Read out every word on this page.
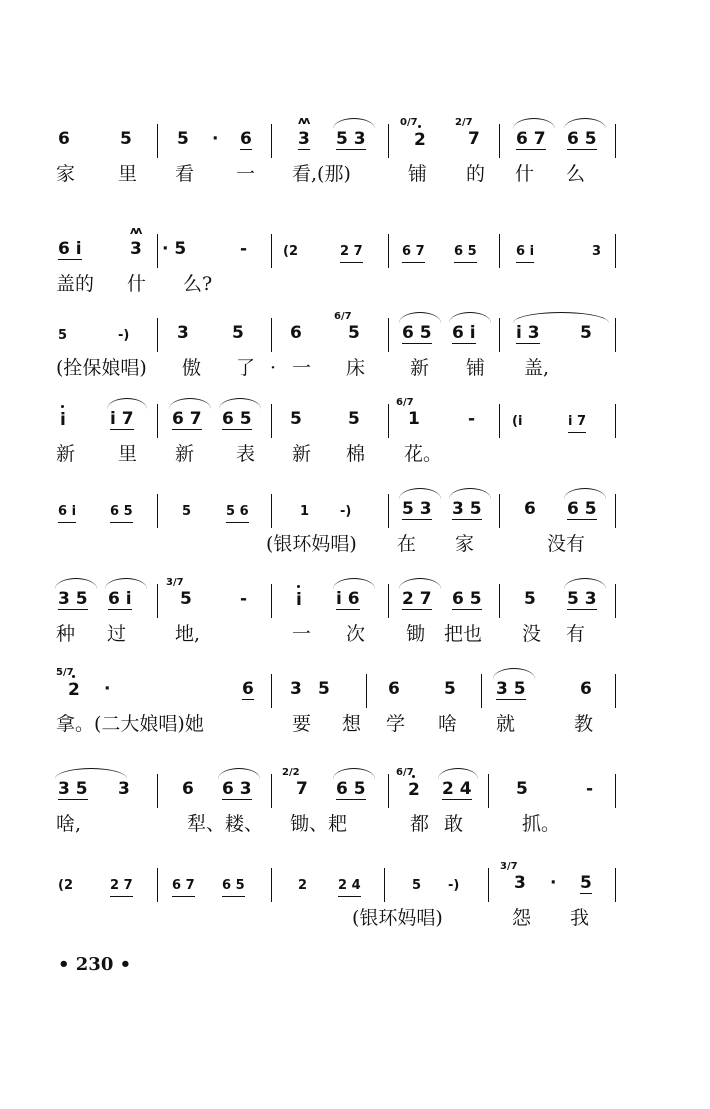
6	5	5 · 6
ʌʌ
3 5 3
0/7
2
2/7
7 6 7 6 5
家 里 看 一 看,(那)	铺 的 什 么
6 i
ʌʌ
3 · 5	-	(2	2 7	6 7 6 5	6 i	3
盖的 什 么?
5	-)	3	5	6
6/7
5 6 5 6 i i 3 5
(拴保娘唱) 傲 了 · 一 床 新 铺 盖,
i	i 7 6 7 6 5 5	5
6/7
1	-	(i	i 7
新 里 新 表 新 棉 花。
6 i	6 5	5	5 6	1 -)	5 3 3 5 6 6 5
(银环妈唱) 在 家	没有
3 5 6 i
3/7
5	-	i i 6 2 7 6 5 5 5 3
种 过	地,	一 次 锄 把也 没 有
5/7
2 ·	6 3 5	6	5 3 5	6
拿。(二大娘唱)她	要 想 学 啥 就	教
3 5 3	6 6 3
2/2
7 6 5
6/7
2 2 4	5	-
啥,	犁、耧、 锄、耙	都 敢	抓。
(2	2 7	6 7 6 5	2 2 4	5 -)
3/7
3 · 5
(银环妈唱)	怨 我
• 230 •
